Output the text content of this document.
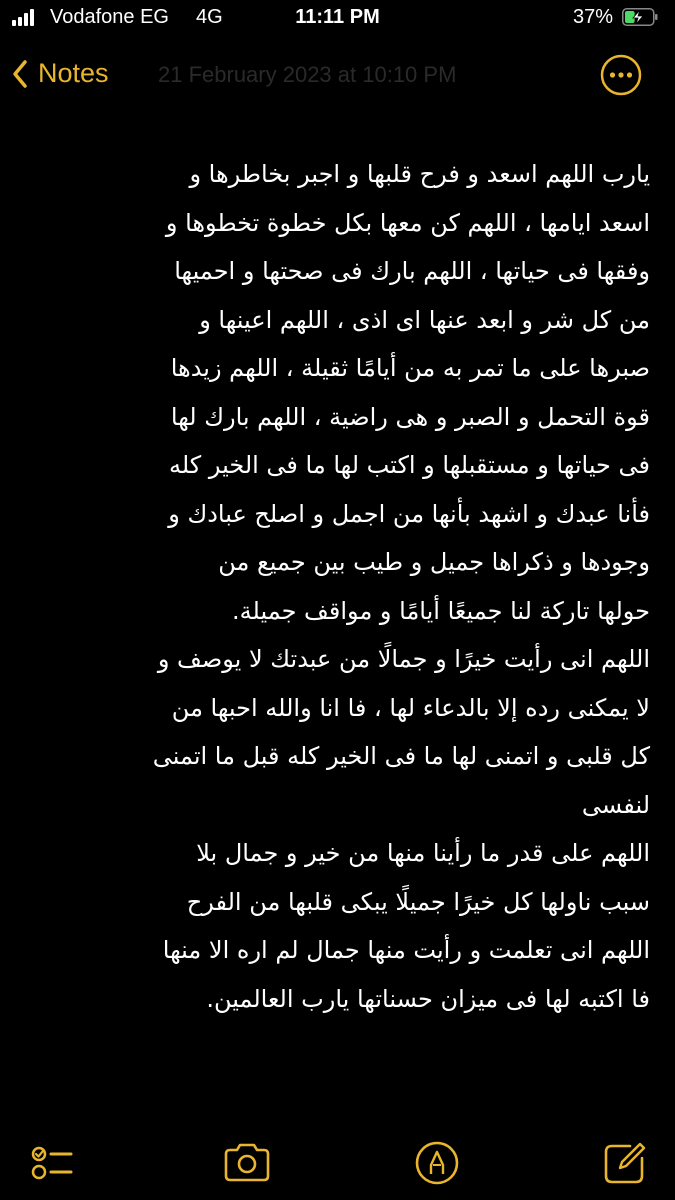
Vodafone EG 4G	11:11 PM	37%
Notes 21 February 2023 at 10:10 PM

يارب اللهم اسعد و فرح قلبها و اجبر بخاطرها و
اسعد ايامها ، اللهم كن معها بكل خطوة تخطوها و
وفقها فى حياتها ، اللهم بارك فى صحتها و احميها
من كل شر و ابعد عنها اى اذى ، اللهم اعينها و
صبرها على ما تمر به من أيامًا ثقيلة ، اللهم زيدها
قوة التحمل و الصبر و هى راضية ، اللهم بارك لها
فى حياتها و مستقبلها و اكتب لها ما فى الخير كله
فأنا عبدك و اشهد بأنها من اجمل و اصلح عبادك و
وجودها و ذكراها جميل و طيب بين جميع من
حولها تاركة لنا جميعًا أيامًا و مواقف جميلة.

اللهم انى رأيت خيرًا و جمالًا من عبدتك لا يوصف و
لا يمكنى رده إلا بالدعاء لها ، فا انا والله احبها من
كل قلبى و اتمنى لها ما فى الخير كله قبل ما اتمنى
لنفسى

اللهم على قدر ما رأينا منها من خير و جمال بلا
سبب ناولها كل خيرًا جميلًا يبكى قلبها من الفرح
اللهم انى تعلمت و رأيت منها جمال لم اره الا منها
فا اكتبه لها فى ميزان حسناتها يارب العالمين.
